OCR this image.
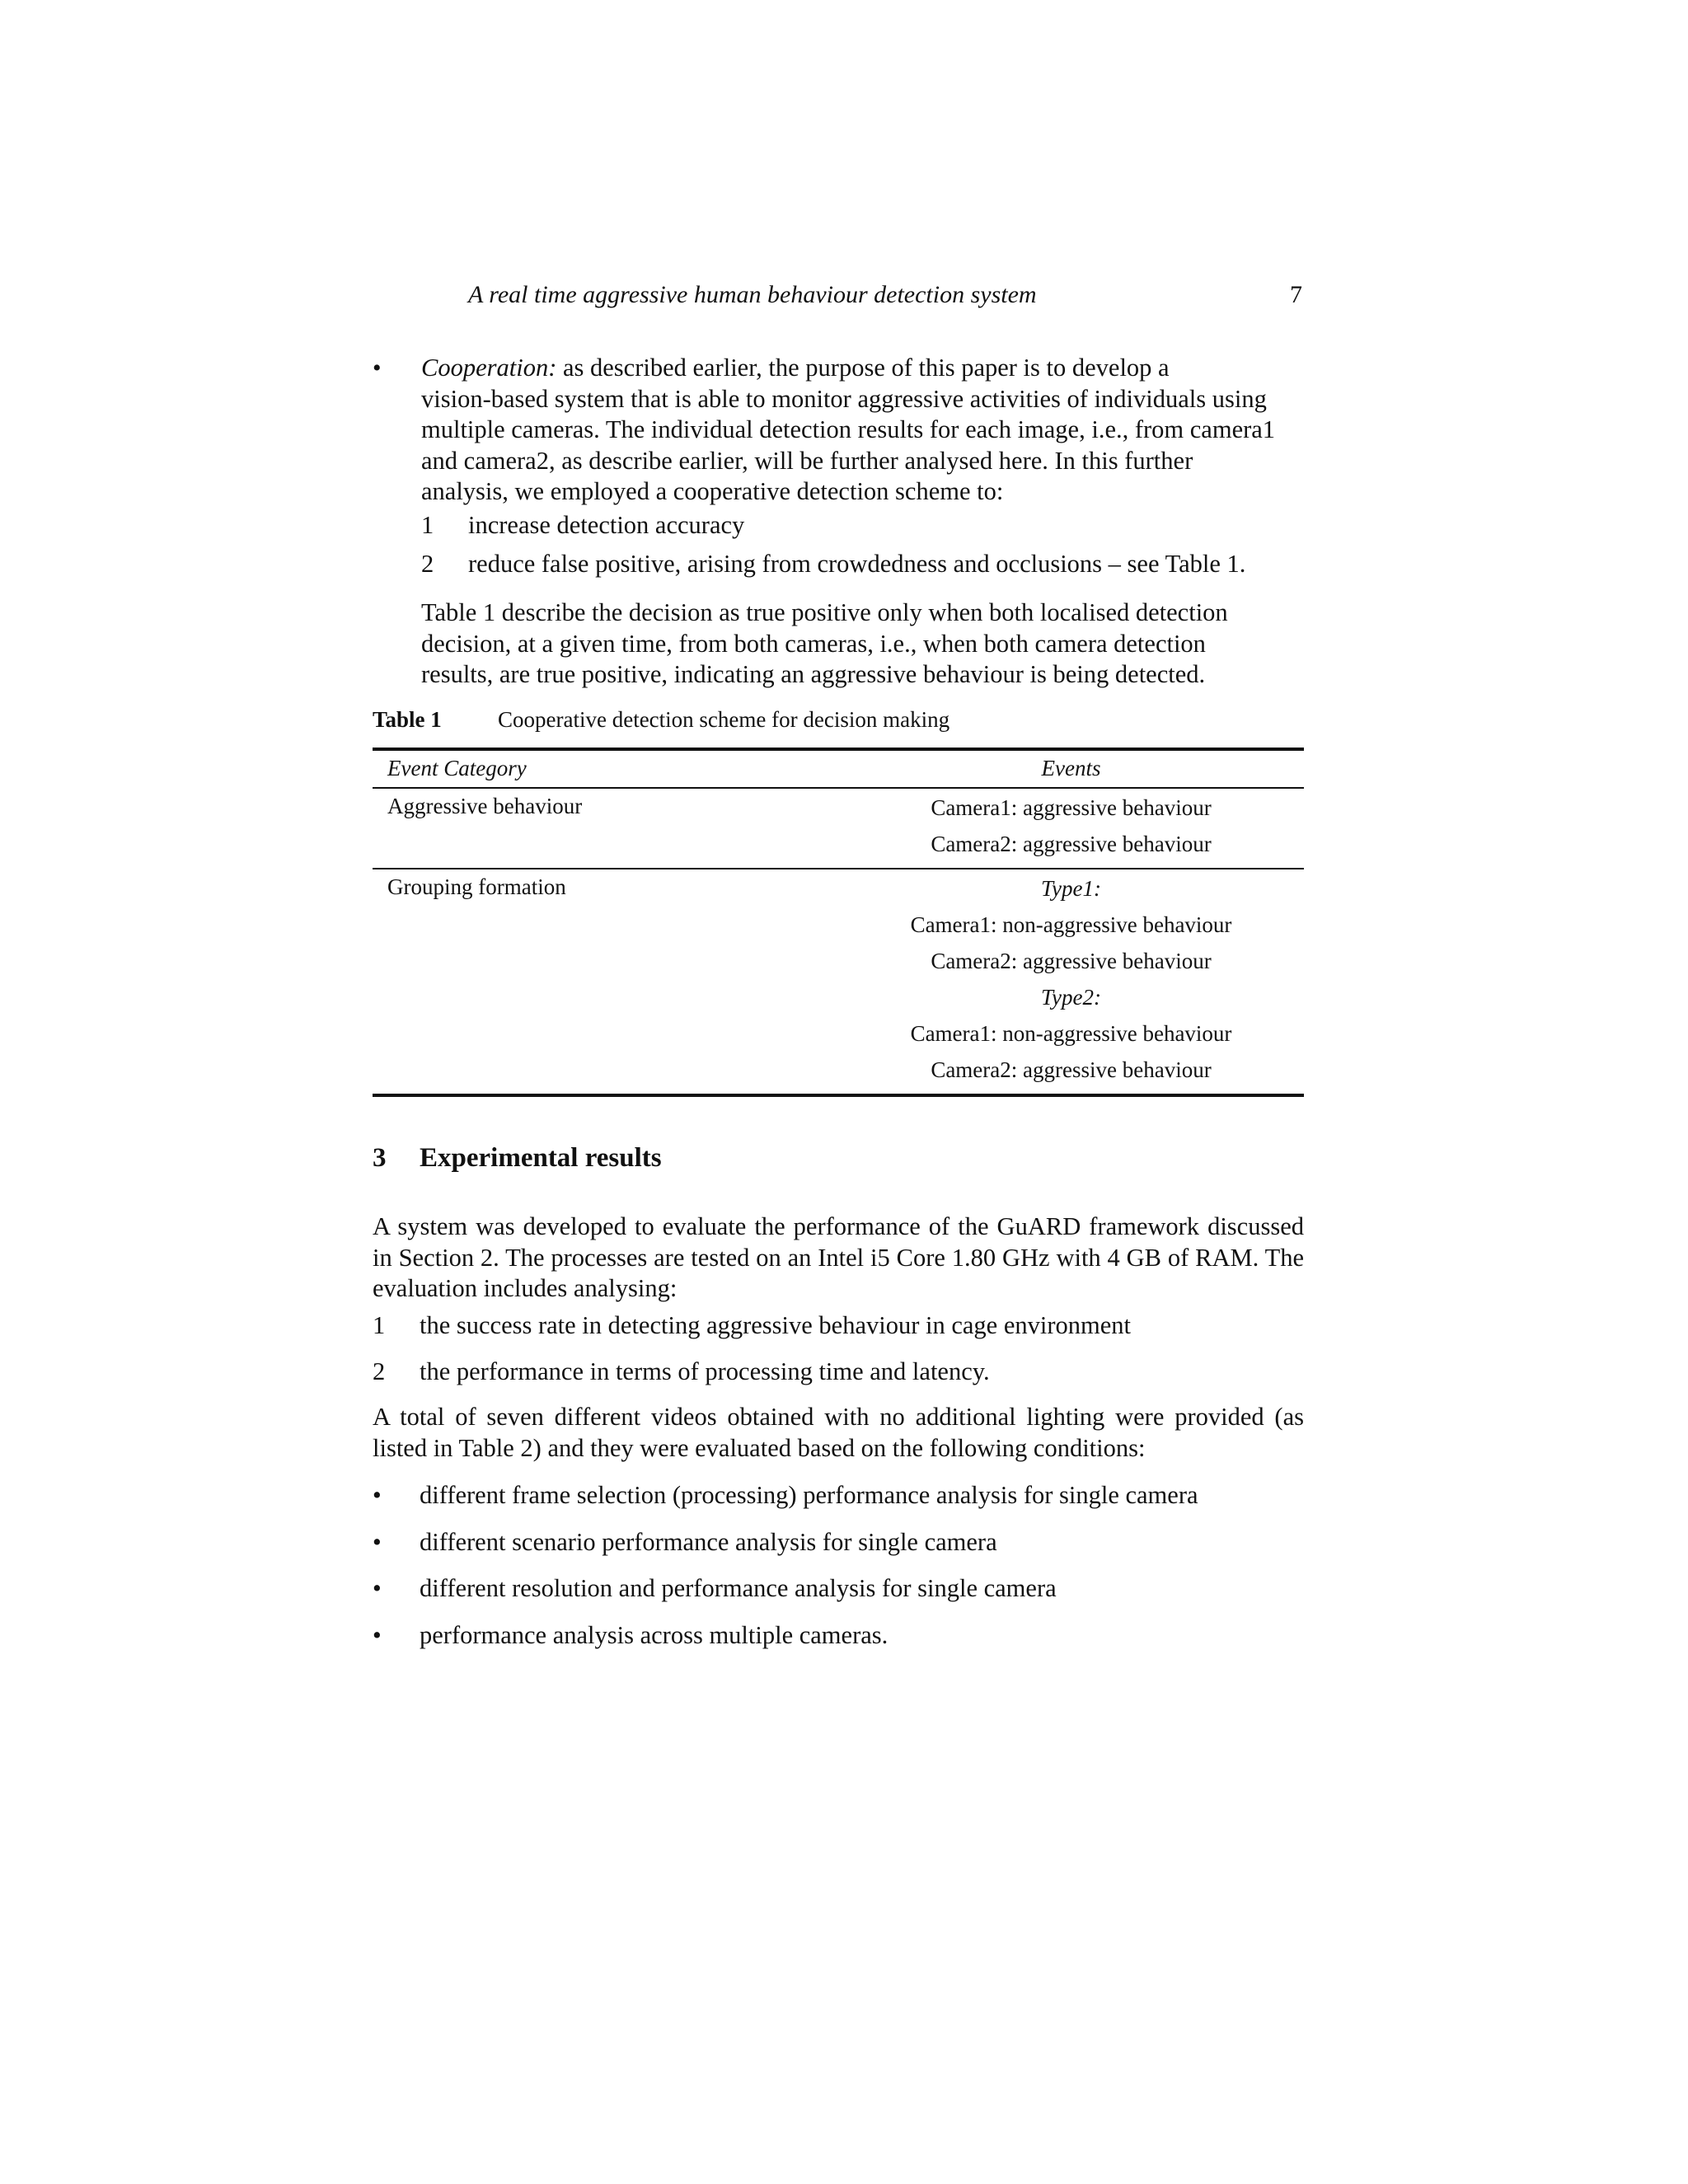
A real time aggressive human behaviour detection system	7
• Cooperation: as described earlier, the purpose of this paper is to develop a
vision-based system that is able to monitor aggressive activities of individuals using
multiple cameras. The individual detection results for each image, i.e., from camera1
and camera2, as describe earlier, will be further analysed here. In this further
analysis, we employed a cooperative detection scheme to:
1 increase detection accuracy
2 reduce false positive, arising from crowdedness and occlusions – see Table 1.
Table 1 describe the decision as true positive only when both localised detection
decision, at a given time, from both cameras, i.e., when both camera detection
results, are true positive, indicating an aggressive behaviour is being detected.
Table 1	Cooperative detection scheme for decision making
Event Category	Events
Aggressive behaviour	Camera1: aggressive behaviour
Camera2: aggressive behaviour
Grouping formation	Type1:
Camera1: non-aggressive behaviour
Camera2: aggressive behaviour
Type2:
Camera1: non-aggressive behaviour
Camera2: aggressive behaviour
3 Experimental results
A system was developed to evaluate the performance of the GuARD framework discussed in Section 2. The processes are tested on an Intel i5 Core 1.80 GHz with 4 GB of RAM. The evaluation includes analysing:
1 the success rate in detecting aggressive behaviour in cage environment
2 the performance in terms of processing time and latency.
A total of seven different videos obtained with no additional lighting were provided (as listed in Table 2) and they were evaluated based on the following conditions:
• different frame selection (processing) performance analysis for single camera
• different scenario performance analysis for single camera
• different resolution and performance analysis for single camera
• performance analysis across multiple cameras.
